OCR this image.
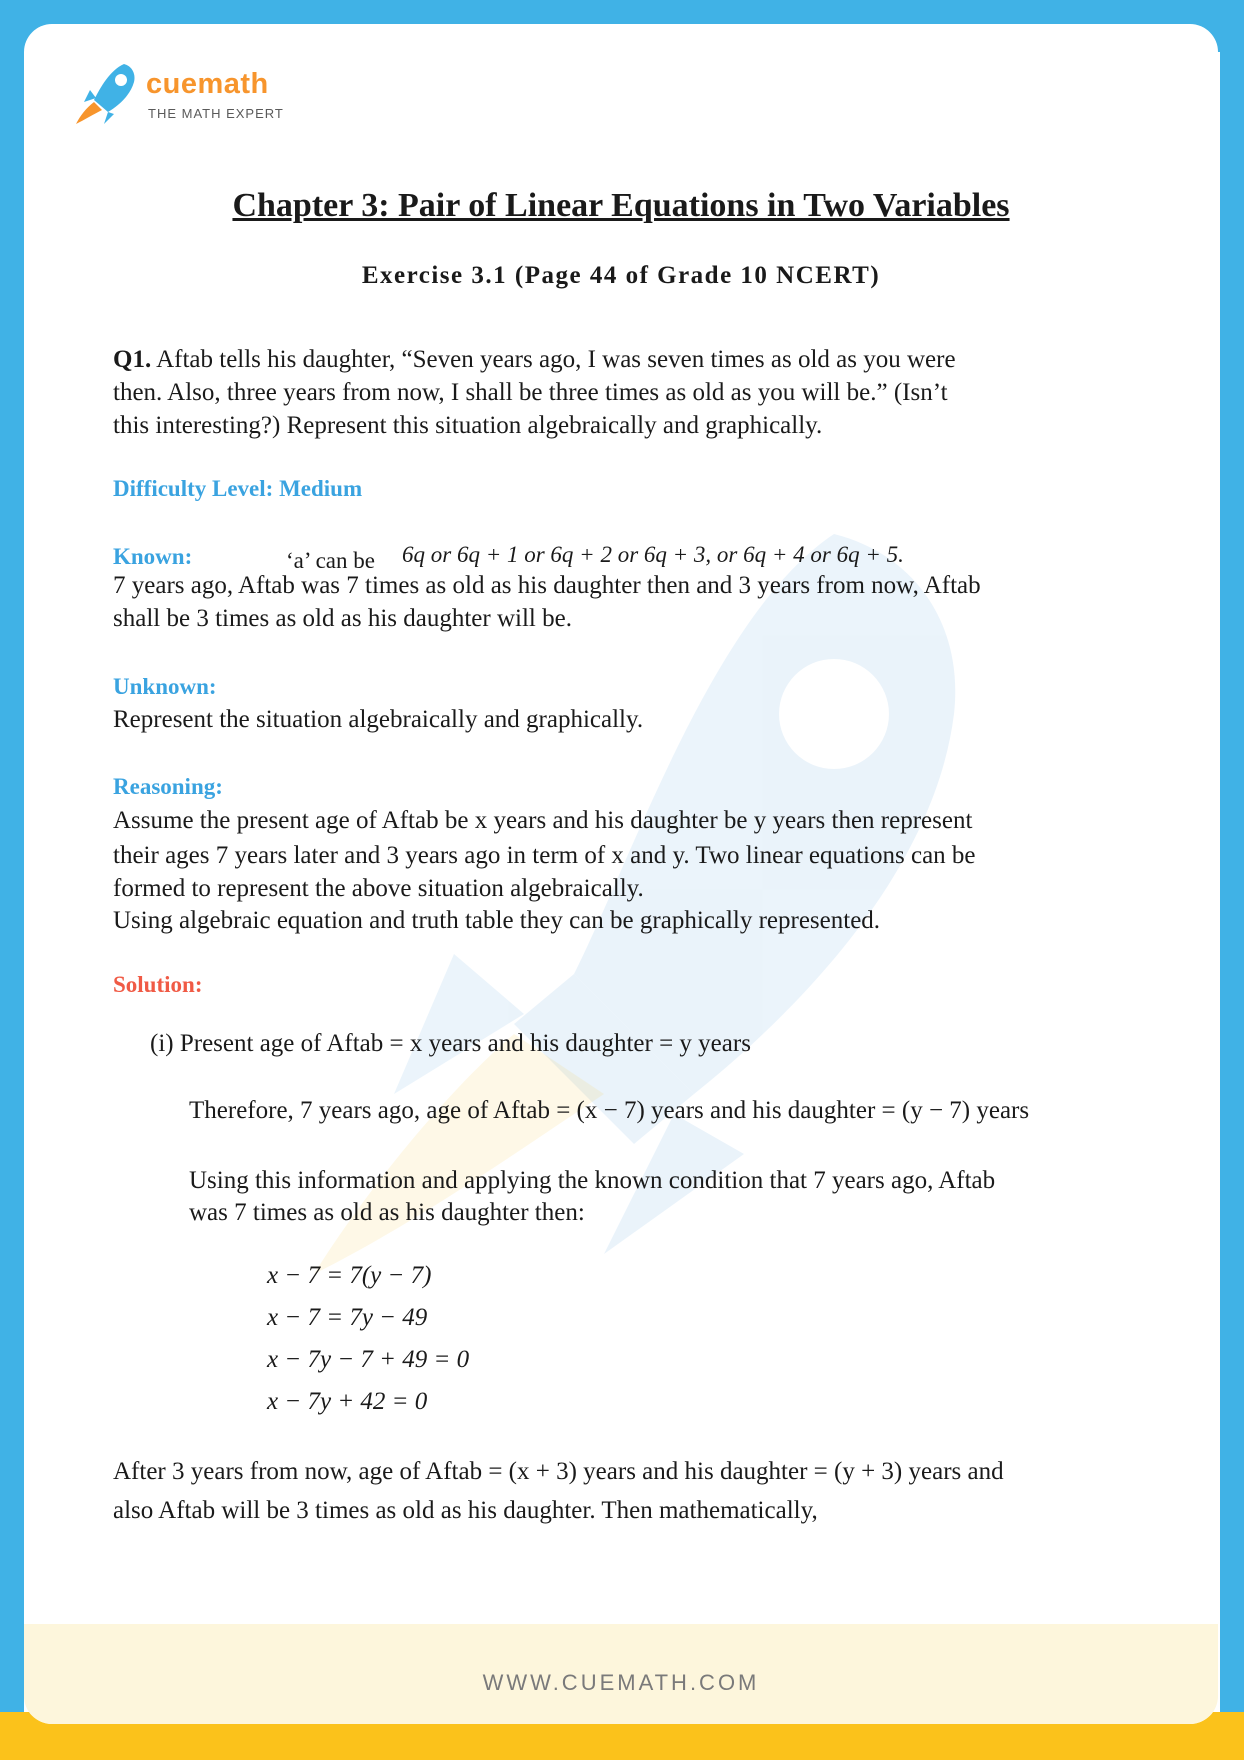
cuemath
THE MATH EXPERT
Chapter 3: Pair of Linear Equations in Two Variables
Exercise 3.1 (Page 44 of Grade 10 NCERT)
Q1. Aftab tells his daughter, “Seven years ago, I was seven times as old as you were
then. Also, three years from now, I shall be three times as old as you will be.” (Isn’t
this interesting?) Represent this situation algebraically and graphically.
Difficulty Level: Medium
Known:	‘a’ can be 6q or 6q + 1 or 6q + 2 or 6q + 3, or 6q + 4 or 6q + 5.
7 years ago, Aftab was 7 times as old as his daughter then and 3 years from now, Aftab
shall be 3 times as old as his daughter will be.
Unknown:
Represent the situation algebraically and graphically.
Reasoning:
Assume the present age of Aftab be x years and his daughter be y years then represent
their ages 7 years later and 3 years ago in term of x and y. Two linear equations can be
formed to represent the above situation algebraically.
Using algebraic equation and truth table they can be graphically represented.
Solution:
(i) Present age of Aftab = x years and his daughter = y years
Therefore, 7 years ago, age of Aftab = (x − 7) years and his daughter = (y − 7) years
Using this information and applying the known condition that 7 years ago, Aftab
was 7 times as old as his daughter then:
x − 7 = 7(y − 7)
x − 7 = 7y − 49
x − 7y − 7 + 49 = 0
x − 7y + 42 = 0
After 3 years from now, age of Aftab = (x + 3) years and his daughter = (y + 3) years and
also Aftab will be 3 times as old as his daughter. Then mathematically,
WWW.CUEMATH.COM
